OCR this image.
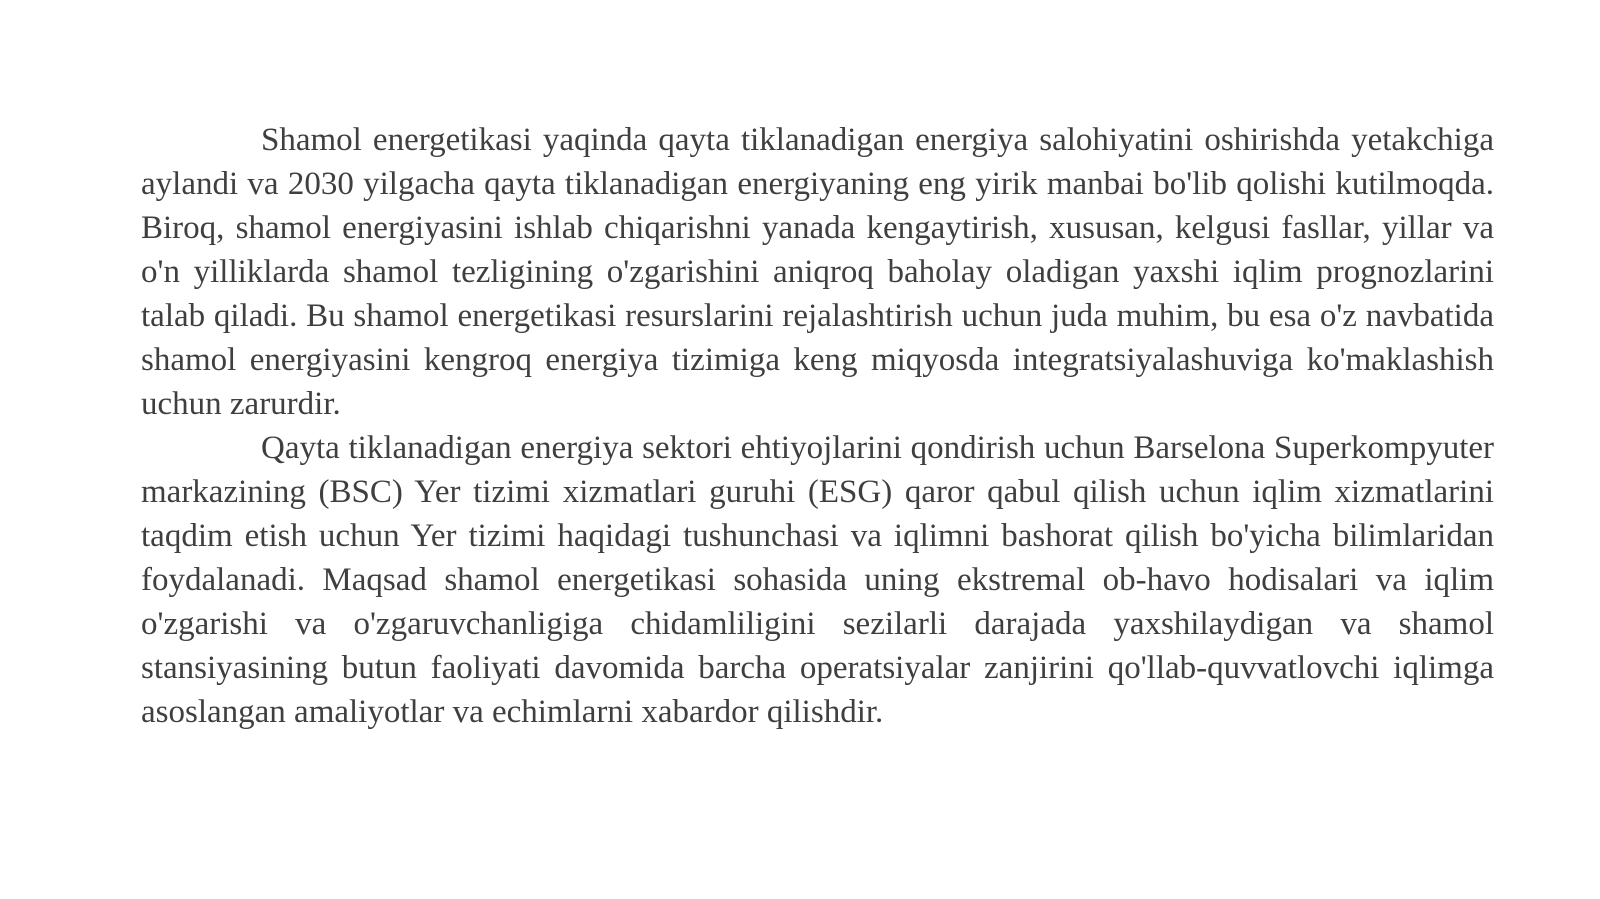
Shamol energetikasi yaqinda qayta tiklanadigan energiya salohiyatini oshirishda yetakchiga aylandi va 2030 yilgacha qayta tiklanadigan energiyaning eng yirik manbai bo'lib qolishi kutilmoqda. Biroq, shamol energiyasini ishlab chiqarishni yanada kengaytirish, xususan, kelgusi fasllar, yillar va o'n yilliklarda shamol tezligining o'zgarishini aniqroq baholay oladigan yaxshi iqlim prognozlarini talab qiladi. Bu shamol energetikasi resurslarini rejalashtirish uchun juda muhim, bu esa o'z navbatida shamol energiyasini kengroq energiya tizimiga keng miqyosda integratsiyalashuviga ko'maklashish uchun zarurdir.

Qayta tiklanadigan energiya sektori ehtiyojlarini qondirish uchun Barselona Superkompyuter markazining (BSC) Yer tizimi xizmatlari guruhi (ESG) qaror qabul qilish uchun iqlim xizmatlarini taqdim etish uchun Yer tizimi haqidagi tushunchasi va iqlimni bashorat qilish bo'yicha bilimlaridan foydalanadi. Maqsad shamol energetikasi sohasida uning ekstremal ob-havo hodisalari va iqlim o'zgarishi va o'zgaruvchanligiga chidamliligini sezilarli darajada yaxshilaydigan va shamol stansiyasining butun faoliyati davomida barcha operatsiyalar zanjirini qo'llab-quvvatlovchi iqlimga asoslangan amaliyotlar va echimlarni xabardor qilishdir.
